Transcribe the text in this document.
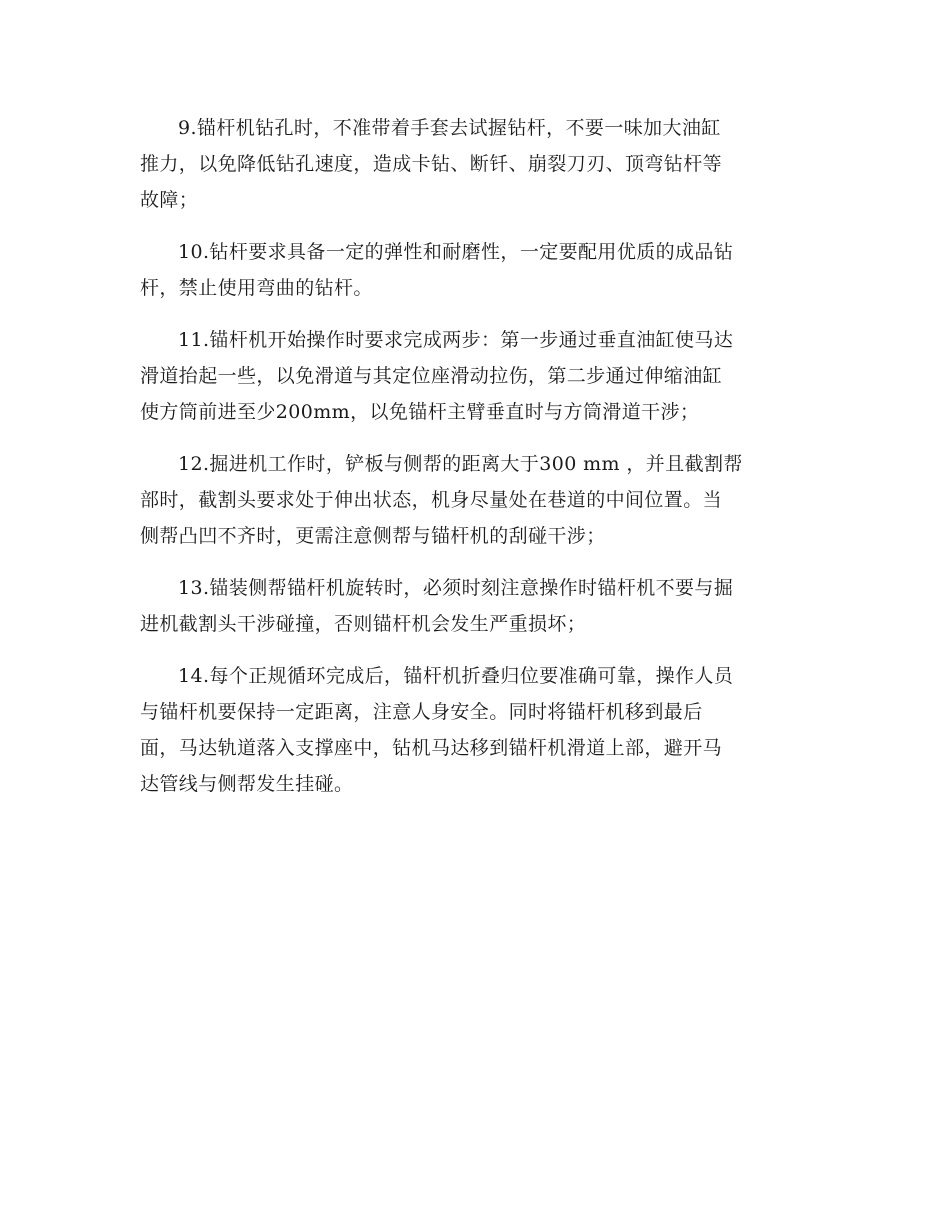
9.锚杆机钻孔时，不准带着手套去试握钻杆，不要一味加大油缸
推力，以免降低钻孔速度，造成卡钻、断钎、崩裂刀刃、顶弯钻杆等
故障；

10.钻杆要求具备一定的弹性和耐磨性，一定要配用优质的成品钻
杆，禁止使用弯曲的钻杆。

11.锚杆机开始操作时要求完成两步：第一步通过垂直油缸使马达
滑道抬起一些，以免滑道与其定位座滑动拉伤，第二步通过伸缩油缸
使方筒前进至少200mm，以免锚杆主臂垂直时与方筒滑道干涉；

12.掘进机工作时，铲板与侧帮的距离大于300 mm ，并且截割帮
部时，截割头要求处于伸出状态，机身尽量处在巷道的中间位置。当
侧帮凸凹不齐时，更需注意侧帮与锚杆机的刮碰干涉；

13.锚装侧帮锚杆机旋转时，必须时刻注意操作时锚杆机不要与掘
进机截割头干涉碰撞，否则锚杆机会发生严重损坏；

14.每个正规循环完成后，锚杆机折叠归位要准确可靠，操作人员
与锚杆机要保持一定距离，注意人身安全。同时将锚杆机移到最后
面，马达轨道落入支撑座中，钻机马达移到锚杆机滑道上部，避开马
达管线与侧帮发生挂碰。
